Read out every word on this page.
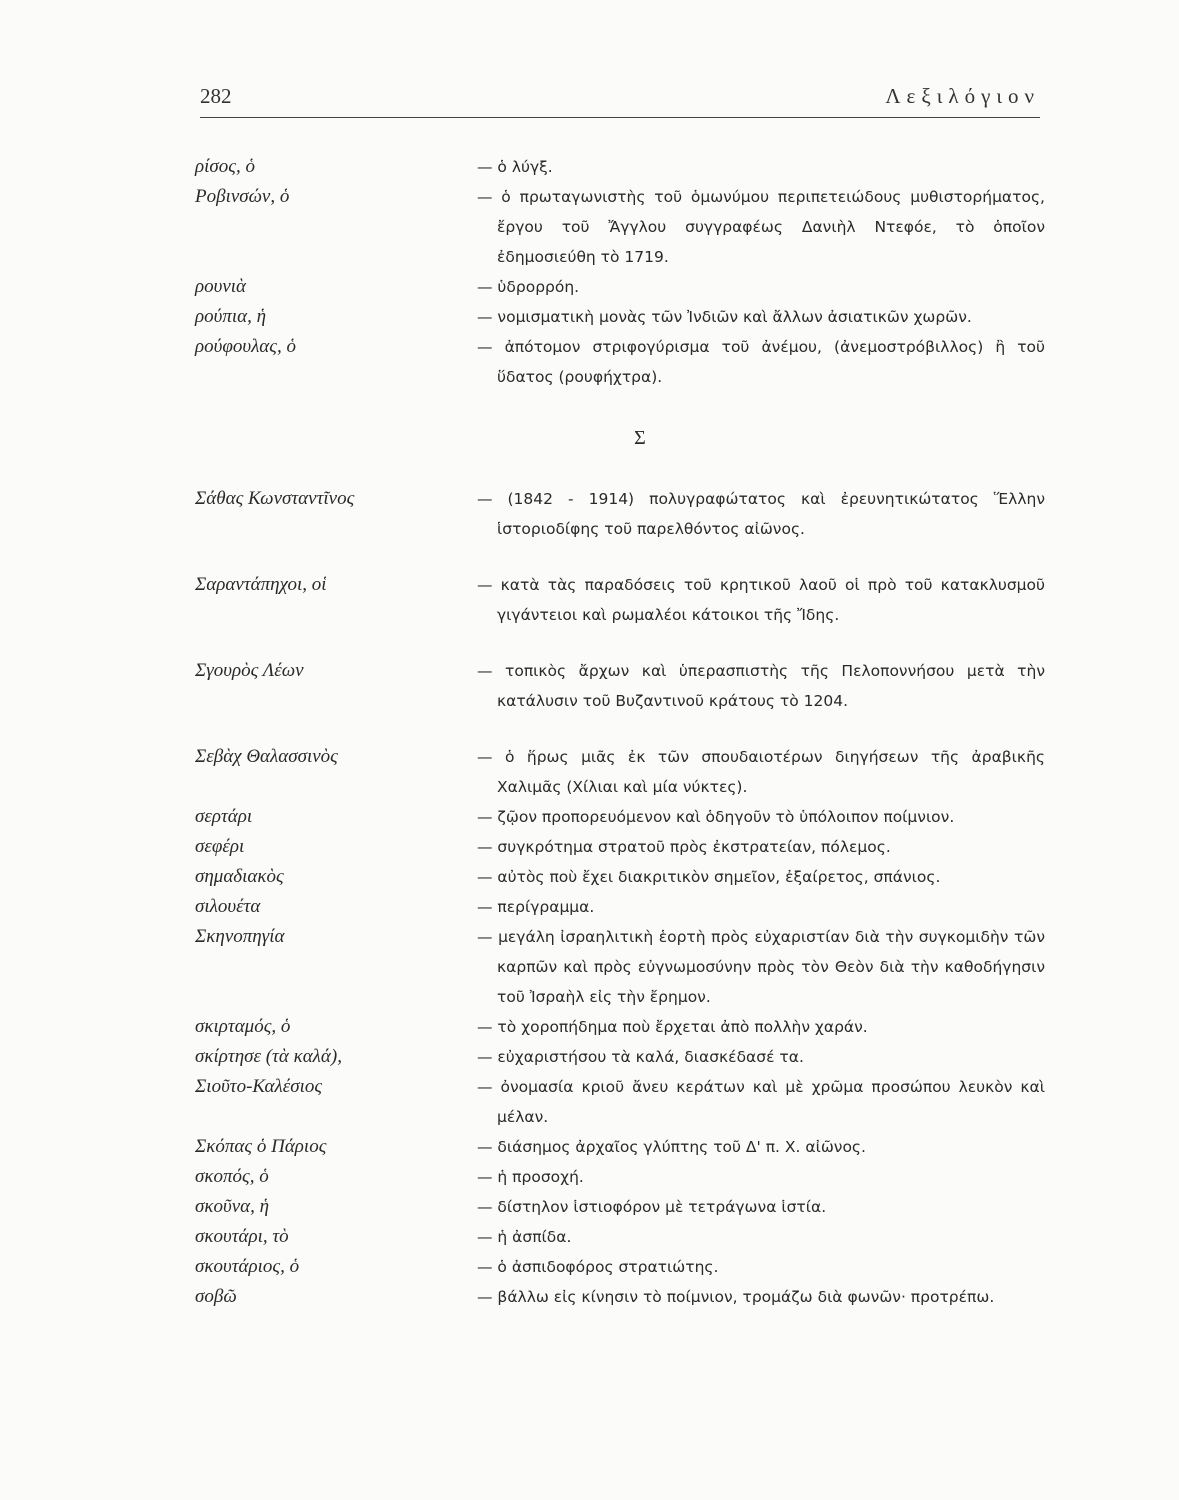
282	Λεξιλόγιον
ρίσος, ὁ	— ὁ λύγξ.
Ροβινσών, ὁ	— ὁ πρωταγωνιστὴς τοῦ ὁμωνύμου περιπετειώδους μυθιστορήματος, ἔργου τοῦ Ἄγγλου συγγραφέως Δανιὴλ Ντεφόε, τὸ ὁποῖον ἐδημοσιεύθη τὸ 1719.
ρουνιὰ	— ὑδρορρόη.
ρούπια, ἡ	— νομισματικὴ μονὰς τῶν Ἰνδιῶν καὶ ἄλλων ἀσιατικῶν χωρῶν.
ρούφουλας, ὁ	— ἀπότομον στριφογύρισμα τοῦ ἀνέμου, (ἀνεμοστρόβιλλος) ἢ τοῦ ὕδατος (ρουφήχτρα).
Σ
Σάθας Κωνσταντῖνος	— (1842 - 1914) πολυγραφώτατος καὶ ἐρευνητικώτατος Ἕλλην ἱστοριοδίφης τοῦ παρελθόντος αἰῶνος.
Σαραντάπηχοι, οἱ	— κατὰ τὰς παραδόσεις τοῦ κρητικοῦ λαοῦ οἱ πρὸ τοῦ κατακλυσμοῦ γιγάντειοι καὶ ρωμαλέοι κάτοικοι τῆς Ἴδης.
Σγουρὸς Λέων	— τοπικὸς ἄρχων καὶ ὑπερασπιστὴς τῆς Πελοποννήσου μετὰ τὴν κατάλυσιν τοῦ Βυζαντινοῦ κράτους τὸ 1204.
Σεβὰχ Θαλασσινὸς	— ὁ ἥρως μιᾶς ἐκ τῶν σπουδαιοτέρων διηγήσεων τῆς ἀραβικῆς Χαλιμᾶς (Χίλιαι καὶ μία νύκτες).
σερτάρι	— ζῷον προπορευόμενον καὶ ὁδηγοῦν τὸ ὑπόλοιπον ποίμνιον.
σεφέρι	— συγκρότημα στρατοῦ πρὸς ἐκστρατείαν, πόλεμος.
σημαδιακὸς	— αὐτὸς ποὺ ἔχει διακριτικὸν σημεῖον, ἐξαίρετος, σπάνιος.
σιλουέτα	— περίγραμμα.
Σκηνοπηγία	— μεγάλη ἰσραηλιτικὴ ἑορτὴ πρὸς εὐχαριστίαν διὰ τὴν συγκομιδὴν τῶν καρπῶν καὶ πρὸς εὐγνωμοσύνην πρὸς τὸν Θεὸν διὰ τὴν καθοδήγησιν τοῦ Ἰσραὴλ εἰς τὴν ἔρημον.
σκιρταμός, ὁ	— τὸ χοροπήδημα ποὺ ἔρχεται ἀπὸ πολλὴν χαράν.
σκίρτησε (τὰ καλά),	— εὐχαριστήσου τὰ καλά, διασκέδασέ τα.
Σιοῦτο-Καλέσιος	— ὀνομασία κριοῦ ἄνευ κεράτων καὶ μὲ χρῶμα προσώπου λευκὸν καὶ μέλαν.
Σκόπας ὁ Πάριος	— διάσημος ἀρχαῖος γλύπτης τοῦ Δ' π. Χ. αἰῶνος.
σκοπός, ὁ	— ἡ προσοχή.
σκοῦνα, ἡ	— δίστηλον ἱστιοφόρον μὲ τετράγωνα ἱστία.
σκουτάρι, τὸ	— ἡ ἀσπίδα.
σκουτάριος, ὁ	— ὁ ἀσπιδοφόρος στρατιώτης.
σοβῶ	— βάλλω εἰς κίνησιν τὸ ποίμνιον, τρομάζω διὰ φωνῶν· προτρέπω.
